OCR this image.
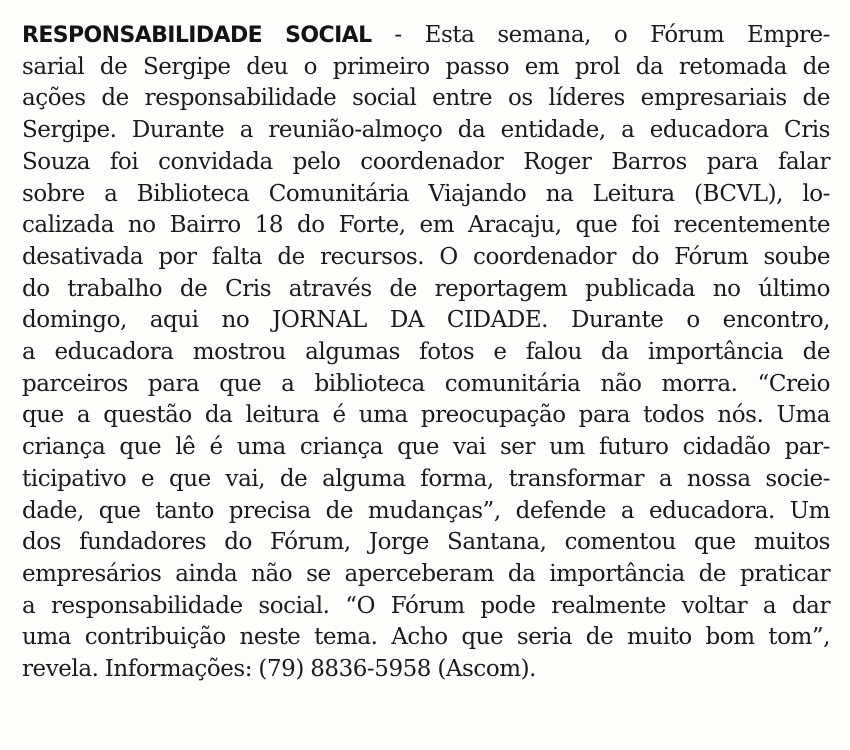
RESPONSABILIDADE SOCIAL - Esta semana, o Fórum Empre-
sarial de Sergipe deu o primeiro passo em prol da retomada de
ações de responsabilidade social entre os líderes empresariais de
Sergipe. Durante a reunião-almoço da entidade, a educadora Cris
Souza foi convidada pelo coordenador Roger Barros para falar
sobre a Biblioteca Comunitária Viajando na Leitura (BCVL), lo-
calizada no Bairro 18 do Forte, em Aracaju, que foi recentemente
desativada por falta de recursos. O coordenador do Fórum soube
do trabalho de Cris através de reportagem publicada no último
domingo, aqui no JORNAL DA CIDADE. Durante o encontro,
a educadora mostrou algumas fotos e falou da importância de
parceiros para que a biblioteca comunitária não morra. “Creio
que a questão da leitura é uma preocupação para todos nós. Uma
criança que lê é uma criança que vai ser um futuro cidadão par-
ticipativo e que vai, de alguma forma, transformar a nossa socie-
dade, que tanto precisa de mudanças”, defende a educadora. Um
dos fundadores do Fórum, Jorge Santana, comentou que muitos
empresários ainda não se aperceberam da importância de praticar
a responsabilidade social. “O Fórum pode realmente voltar a dar
uma contribuição neste tema. Acho que seria de muito bom tom”,
revela. Informações: (79) 8836-5958 (Ascom).
